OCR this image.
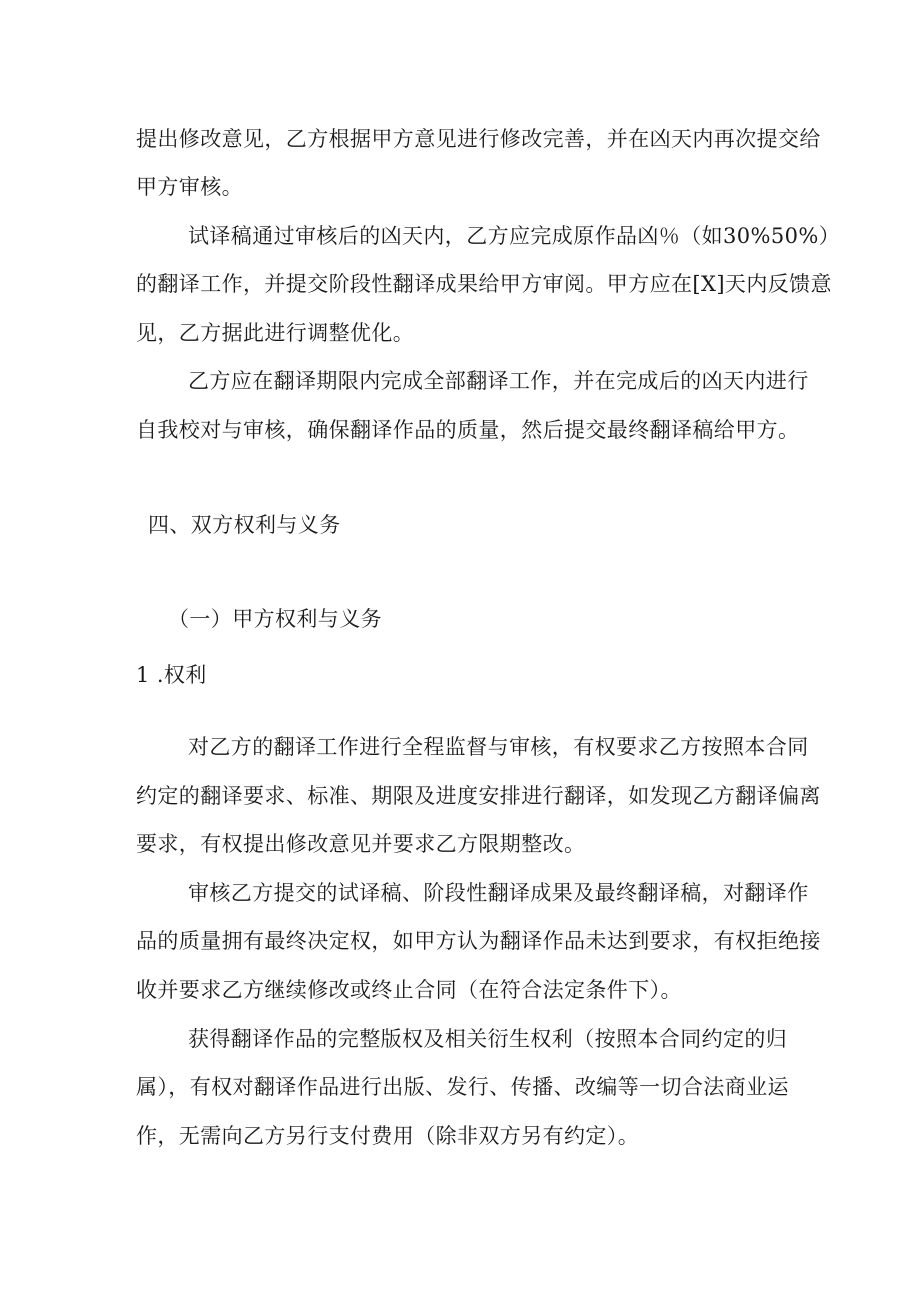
提出修改意见，乙方根据甲方意见进行修改完善，并在凶天内再次提交给

甲方审核。

试译稿通过审核后的凶天内，乙方应完成原作品凶％（如30%50%）

的翻译工作，并提交阶段性翻译成果给甲方审阅。甲方应在[X]天内反馈意

见，乙方据此进行调整优化。

乙方应在翻译期限内完成全部翻译工作，并在完成后的凶天内进行

自我校对与审核，确保翻译作品的质量，然后提交最终翻译稿给甲方。

四、双方权利与义务

（一）甲方权利与义务

1 .权利

对乙方的翻译工作进行全程监督与审核，有权要求乙方按照本合同

约定的翻译要求、标准、期限及进度安排进行翻译，如发现乙方翻译偏离

要求，有权提出修改意见并要求乙方限期整改。

审核乙方提交的试译稿、阶段性翻译成果及最终翻译稿，对翻译作

品的质量拥有最终决定权，如甲方认为翻译作品未达到要求，有权拒绝接

收并要求乙方继续修改或终止合同（在符合法定条件下）。

获得翻译作品的完整版权及相关衍生权利（按照本合同约定的归

属），有权对翻译作品进行出版、发行、传播、改编等一切合法商业运

作，无需向乙方另行支付费用（除非双方另有约定）。
